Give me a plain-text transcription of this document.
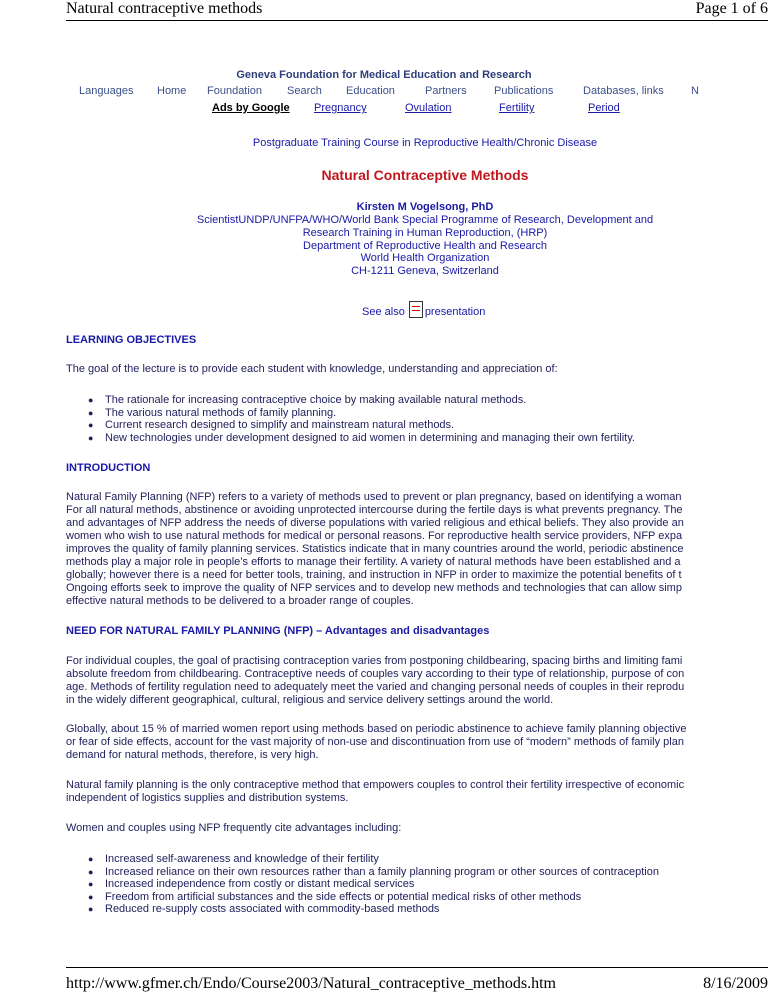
Natural contraceptive methods	Page 1 of 6
Geneva Foundation for Medical Education and Research
Languages Home Foundation Search Education	Partners Publications	Databases, links N
Ads by Google Pregnancy	Ovulation	Fertility	Period
Postgraduate Training Course in Reproductive Health/Chronic Disease
Natural Contraceptive Methods
Kirsten M Vogelsong, PhD
ScientistUNDP/UNFPA/WHO/World Bank Special Programme of Research, Development and
Research Training in Human Reproduction, (HRP)
Department of Reproductive Health and Research
World Health Organization
CH-1211 Geneva, Switzerland
See also presentation
LEARNING OBJECTIVES
The goal of the lecture is to provide each student with knowledge, understanding and appreciation of:
● The rationale for increasing contraceptive choice by making available natural methods.
● The various natural methods of family planning.
● Current research designed to simplify and mainstream natural methods.
● New technologies under development designed to aid women in determining and managing their own fertility.
INTRODUCTION
Natural Family Planning (NFP) refers to a variety of methods used to prevent or plan pregnancy, based on identifying a woman
For all natural methods, abstinence or avoiding unprotected intercourse during the fertile days is what prevents pregnancy. The
and advantages of NFP address the needs of diverse populations with varied religious and ethical beliefs. They also provide an
women who wish to use natural methods for medical or personal reasons. For reproductive health service providers, NFP expa
improves the quality of family planning services. Statistics indicate that in many countries around the world, periodic abstinence
methods play a major role in people’s efforts to manage their fertility. A variety of natural methods have been established and a
globally; however there is a need for better tools, training, and instruction in NFP in order to maximize the potential benefits of t
Ongoing efforts seek to improve the quality of NFP services and to develop new methods and technologies that can allow simp
effective natural methods to be delivered to a broader range of couples.
NEED FOR NATURAL FAMILY PLANNING (NFP) – Advantages and disadvantages
For individual couples, the goal of practising contraception varies from postponing childbearing, spacing births and limiting fami
absolute freedom from childbearing. Contraceptive needs of couples vary according to their type of relationship, purpose of con
age. Methods of fertility regulation need to adequately meet the varied and changing personal needs of couples in their reprodu
in the widely different geographical, cultural, religious and service delivery settings around the world.
Globally, about 15 % of married women report using methods based on periodic abstinence to achieve family planning objective
or fear of side effects, account for the vast majority of non-use and discontinuation from use of “modern” methods of family plan
demand for natural methods, therefore, is very high.
Natural family planning is the only contraceptive method that empowers couples to control their fertility irrespective of economic
independent of logistics supplies and distribution systems.
Women and couples using NFP frequently cite advantages including:
● Increased self-awareness and knowledge of their fertility
● Increased reliance on their own resources rather than a family planning program or other sources of contraception
● Increased independence from costly or distant medical services
● Freedom from artificial substances and the side effects or potential medical risks of other methods
● Reduced re-supply costs associated with commodity-based methods
http://www.gfmer.ch/Endo/Course2003/Natural_contraceptive_methods.htm	8/16/2009
